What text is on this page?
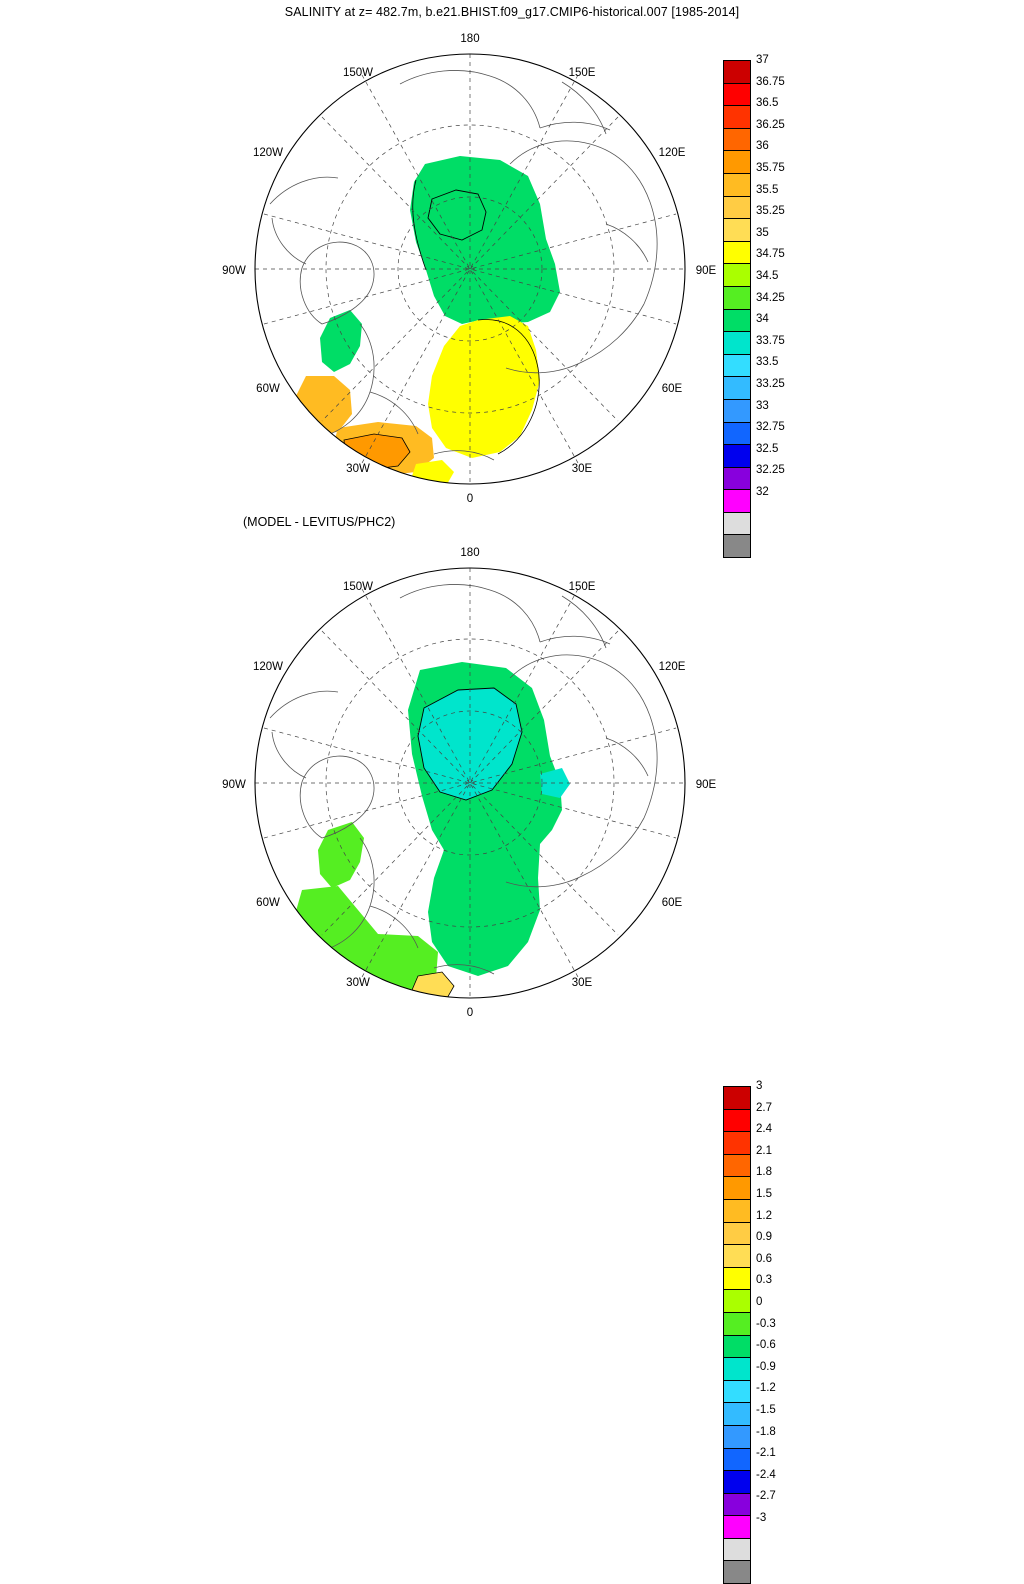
SALINITY at z= 482.7m, b.e21.BHIST.f09_g17.CMIP6-historical.007 [1985-2014]
(MODEL - LEVITUS/PHC2)
180
150W
120W
90W
60W
30W
0
30E
60E
90E
120E
150E
37
36.75
36.5
36.25
36
35.75
35.5
35.25
35
34.75
34.5
34.25
34
33.75
33.5
33.25
33
32.75
32.5
32.25
32
180
150W
120W
90W
60W
30W
0
30E
60E
90E
120E
150E
3
2.7
2.4
2.1
1.8
1.5
1.2
0.9
0.6
0.3
0
-0.3
-0.6
-0.9
-1.2
-1.5
-1.8
-2.1
-2.4
-2.7
-3
